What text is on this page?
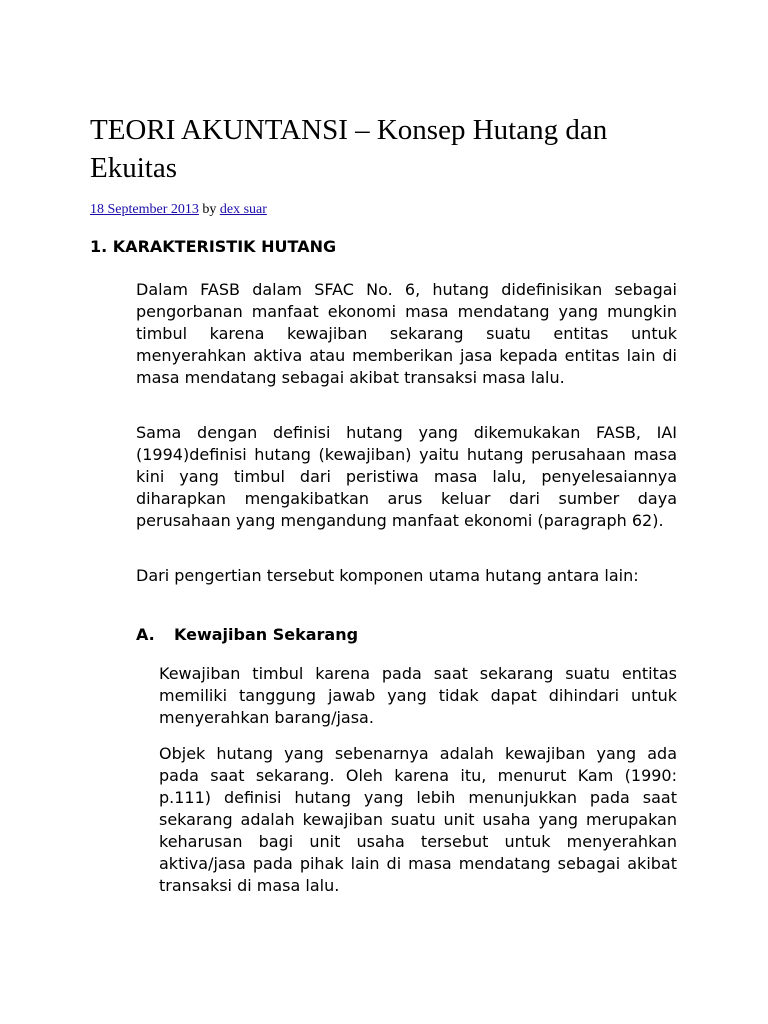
TEORI AKUNTANSI – Konsep Hutang dan Ekuitas
18 September 2013 by dex suar
1. KARAKTERISTIK HUTANG

Dalam FASB dalam SFAC No. 6, hutang didefinisikan sebagai pengorbanan manfaat ekonomi masa mendatang yang mungkin timbul karena kewajiban sekarang suatu entitas untuk menyerahkan aktiva atau memberikan jasa kepada entitas lain di masa mendatang sebagai akibat transaksi masa lalu.

Sama dengan definisi hutang yang dikemukakan FASB, IAI (1994)definisi hutang (kewajiban) yaitu hutang perusahaan masa kini yang timbul dari peristiwa masa lalu, penyelesaiannya diharapkan mengakibatkan arus keluar dari sumber daya perusahaan yang mengandung manfaat ekonomi (paragraph 62).

Dari pengertian tersebut komponen utama hutang antara lain:

A. Kewajiban Sekarang

Kewajiban timbul karena pada saat sekarang suatu entitas memiliki tanggung jawab yang tidak dapat dihindari untuk menyerahkan barang/jasa.

Objek hutang yang sebenarnya adalah kewajiban yang ada pada saat sekarang. Oleh karena itu, menurut Kam (1990: p.111) definisi hutang yang lebih menunjukkan pada saat sekarang adalah kewajiban suatu unit usaha yang merupakan keharusan bagi unit usaha tersebut untuk menyerahkan aktiva/jasa pada pihak lain di masa mendatang sebagai akibat transaksi di masa lalu.
